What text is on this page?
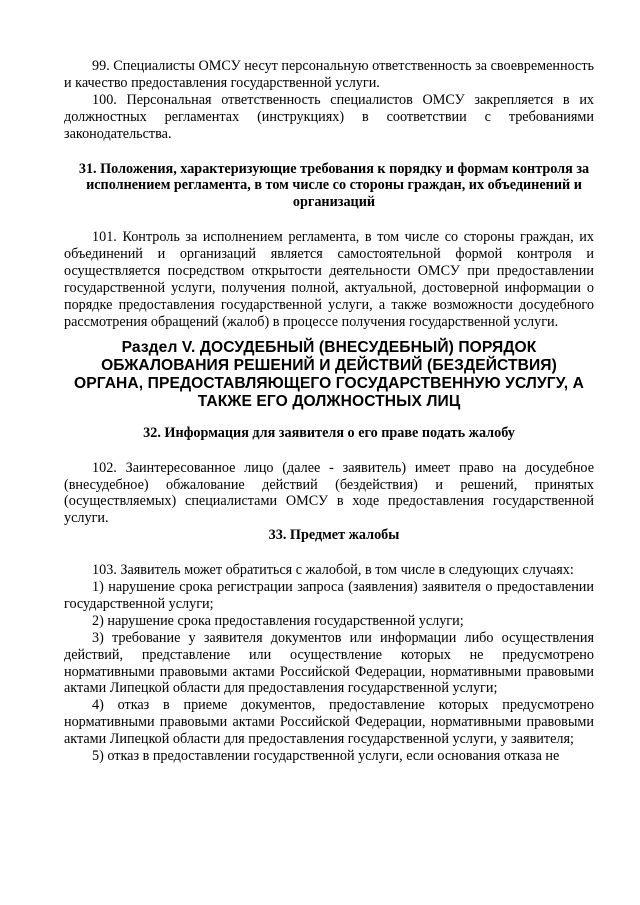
99. Специалисты ОМСУ несут персональную ответственность за своевременность и качество предоставления государственной услуги.

100. Персональная ответственность специалистов ОМСУ закрепляется в их должностных регламентах (инструкциях) в соответствии с требованиями законодательства.

31. Положения, характеризующие требования к порядку и формам контроля за исполнением регламента, в том числе со стороны граждан, их объединений и организаций

101. Контроль за исполнением регламента, в том числе со стороны граждан, их объединений и организаций является самостоятельной формой контроля и осуществляется посредством открытости деятельности ОМСУ при предоставлении государственной услуги, получения полной, актуальной, достоверной информации о порядке предоставления государственной услуги, а также возможности досудебного рассмотрения обращений (жалоб) в процессе получения государственной услуги.

Раздел V. ДОСУДЕБНЫЙ (ВНЕСУДЕБНЫЙ) ПОРЯДОК ОБЖАЛОВАНИЯ РЕШЕНИЙ И ДЕЙСТВИЙ (БЕЗДЕЙСТВИЯ) ОРГАНА, ПРЕДОСТАВЛЯЮЩЕГО ГОСУДАРСТВЕННУЮ УСЛУГУ, А ТАКЖЕ ЕГО ДОЛЖНОСТНЫХ ЛИЦ
32. Информация для заявителя о его праве подать жалобу

102. Заинтересованное лицо (далее - заявитель) имеет право на досудебное (внесудебное) обжалование действий (бездействия) и решений, принятых (осуществляемых) специалистами ОМСУ в ходе предоставления государственной услуги.

33. Предмет жалобы

103. Заявитель может обратиться с жалобой, в том числе в следующих случаях:

1) нарушение срока регистрации запроса (заявления) заявителя о предоставлении государственной услуги;

2) нарушение срока предоставления государственной услуги;

3) требование у заявителя документов или информации либо осуществления действий, представление или осуществление которых не предусмотрено нормативными правовыми актами Российской Федерации, нормативными правовыми актами Липецкой области для предоставления государственной услуги;

4) отказ в приеме документов, предоставление которых предусмотрено нормативными правовыми актами Российской Федерации, нормативными правовыми актами Липецкой области для предоставления государственной услуги, у заявителя;

5) отказ в предоставлении государственной услуги, если основания отказа не
